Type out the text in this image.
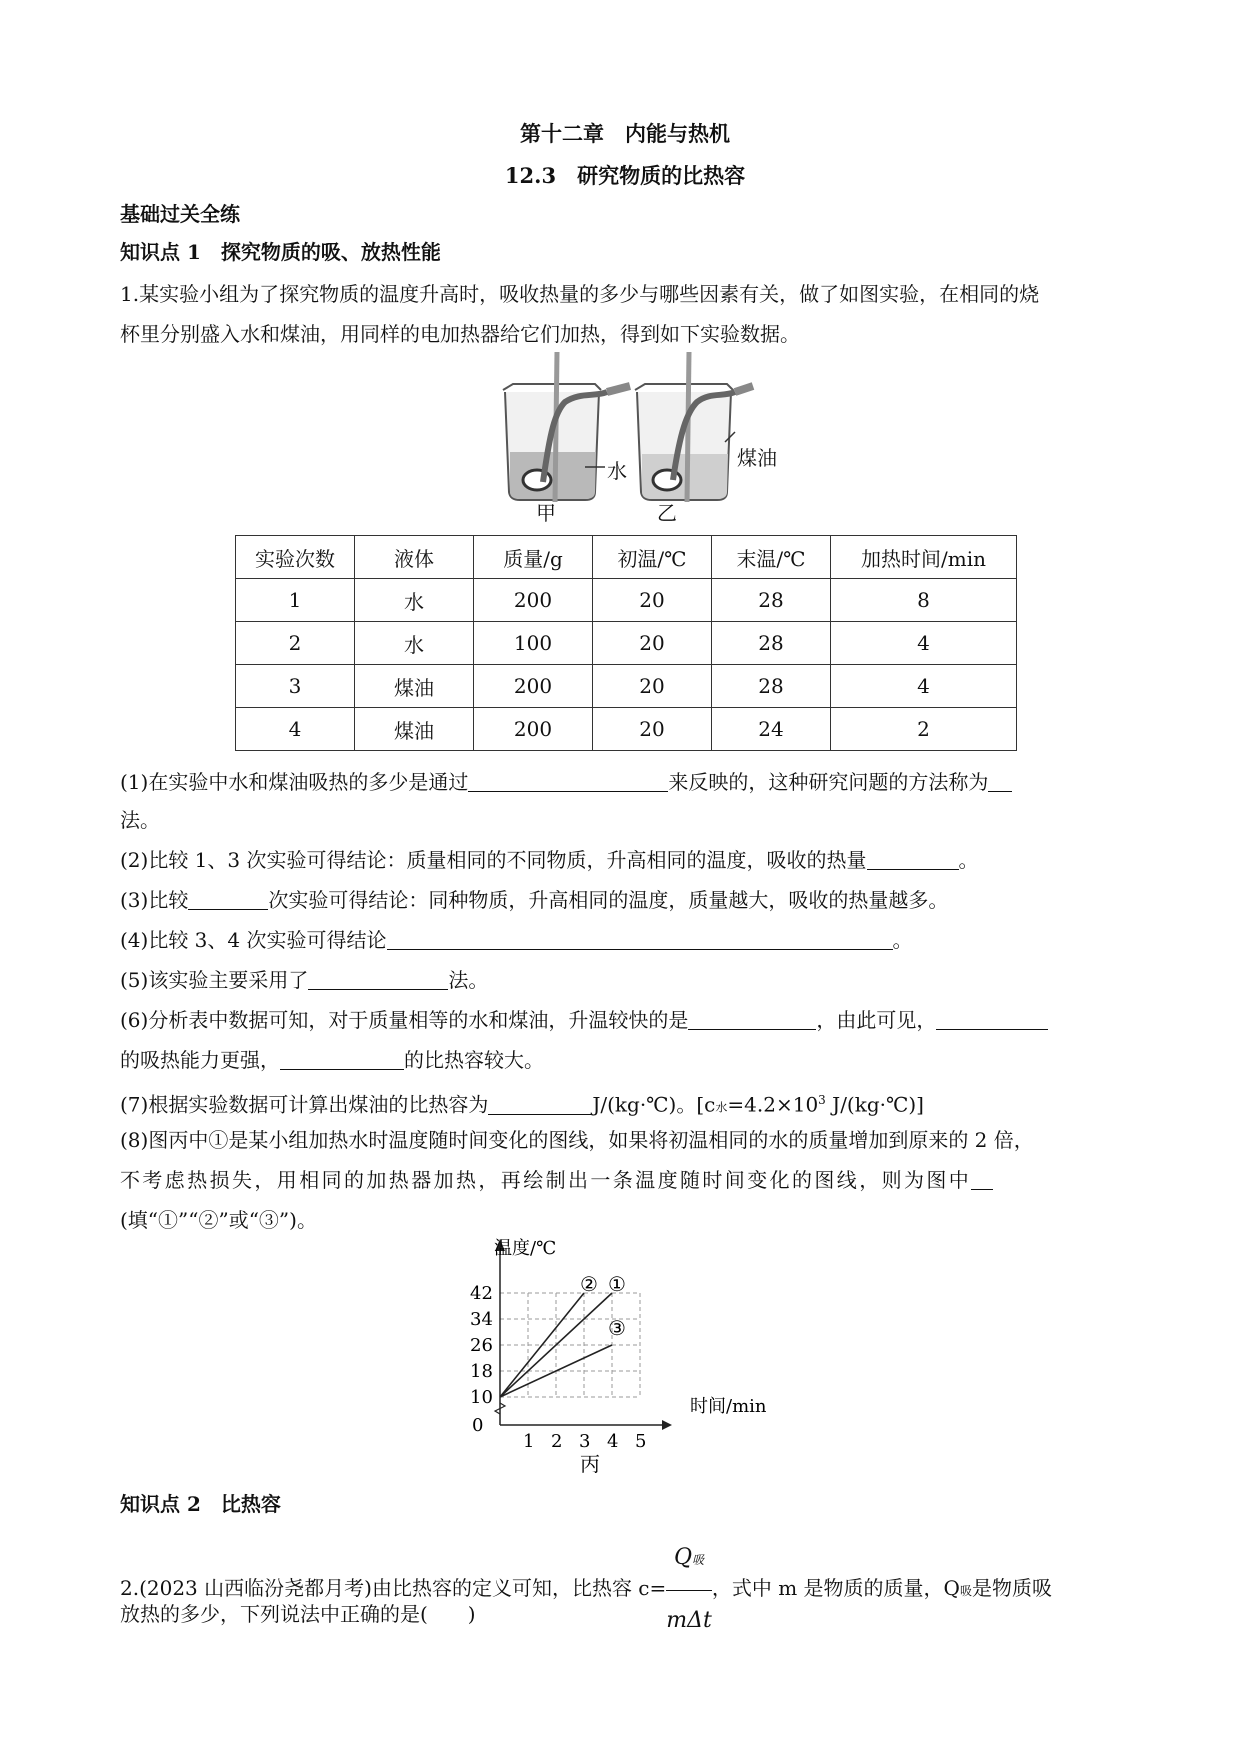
第十二章　内能与热机
12.3　研究物质的比热容
基础过关全练
知识点 1　探究物质的吸、放热性能
1.某实验小组为了探究物质的温度升高时，吸收热量的多少与哪些因素有关，做了如图实验，在相同的烧
杯里分别盛入水和煤油，用同样的电加热器给它们加热，得到如下实验数据。
水
煤油
甲	乙
实验次数	液体	质量/g	初温/℃	末温/℃	加热时间/min
1	水	200	20	28	8
2	水	100	20	28	4
3	煤油	200	20	28	4
4	煤油	200	20	24	2
(1)在实验中水和煤油吸热的多少是通过	来反映的，这种研究问题的方法称为
法。
(2)比较 1、3 次实验可得结论：质量相同的不同物质，升高相同的温度，吸收的热量	。
(3)比较	次实验可得结论：同种物质，升高相同的温度，质量越大，吸收的热量越多。
(4)比较 3、4 次实验可得结论	。
(5)该实验主要采用了	法。
(6)分析表中数据可知，对于质量相等的水和煤油，升温较快的是	，由此可见，
的吸热能力更强，	的比热容较大。
(7)根据实验数据可计算出煤油的比热容为	J/(kg·℃)。[c水$=4.2\times 10^3$ J/(kg·℃)]
(8)图丙中①是某小组加热水时温度随时间变化的图线，如果将初温相同的水的质量增加到原来的 2 倍，
不考虑热损失，用相同的加热器加热，再绘制出一条温度随时间变化的图线，则为图中
(填“①”“②”或“③”)。
①
②
③
42
34
26
18
10
1 2 3 4 5
温度/℃
时间/min
0
丙
知识点 2　比热容
2.(2023 山西临汾尧都月考)由比热容的定义可知，比热容 $c= \frac{\text{Q吸}}{\text{mΔt}}$ ，式中 m 是物质的质量，Q吸是物质吸
放热的多少，下列说法中正确的是(　　)
